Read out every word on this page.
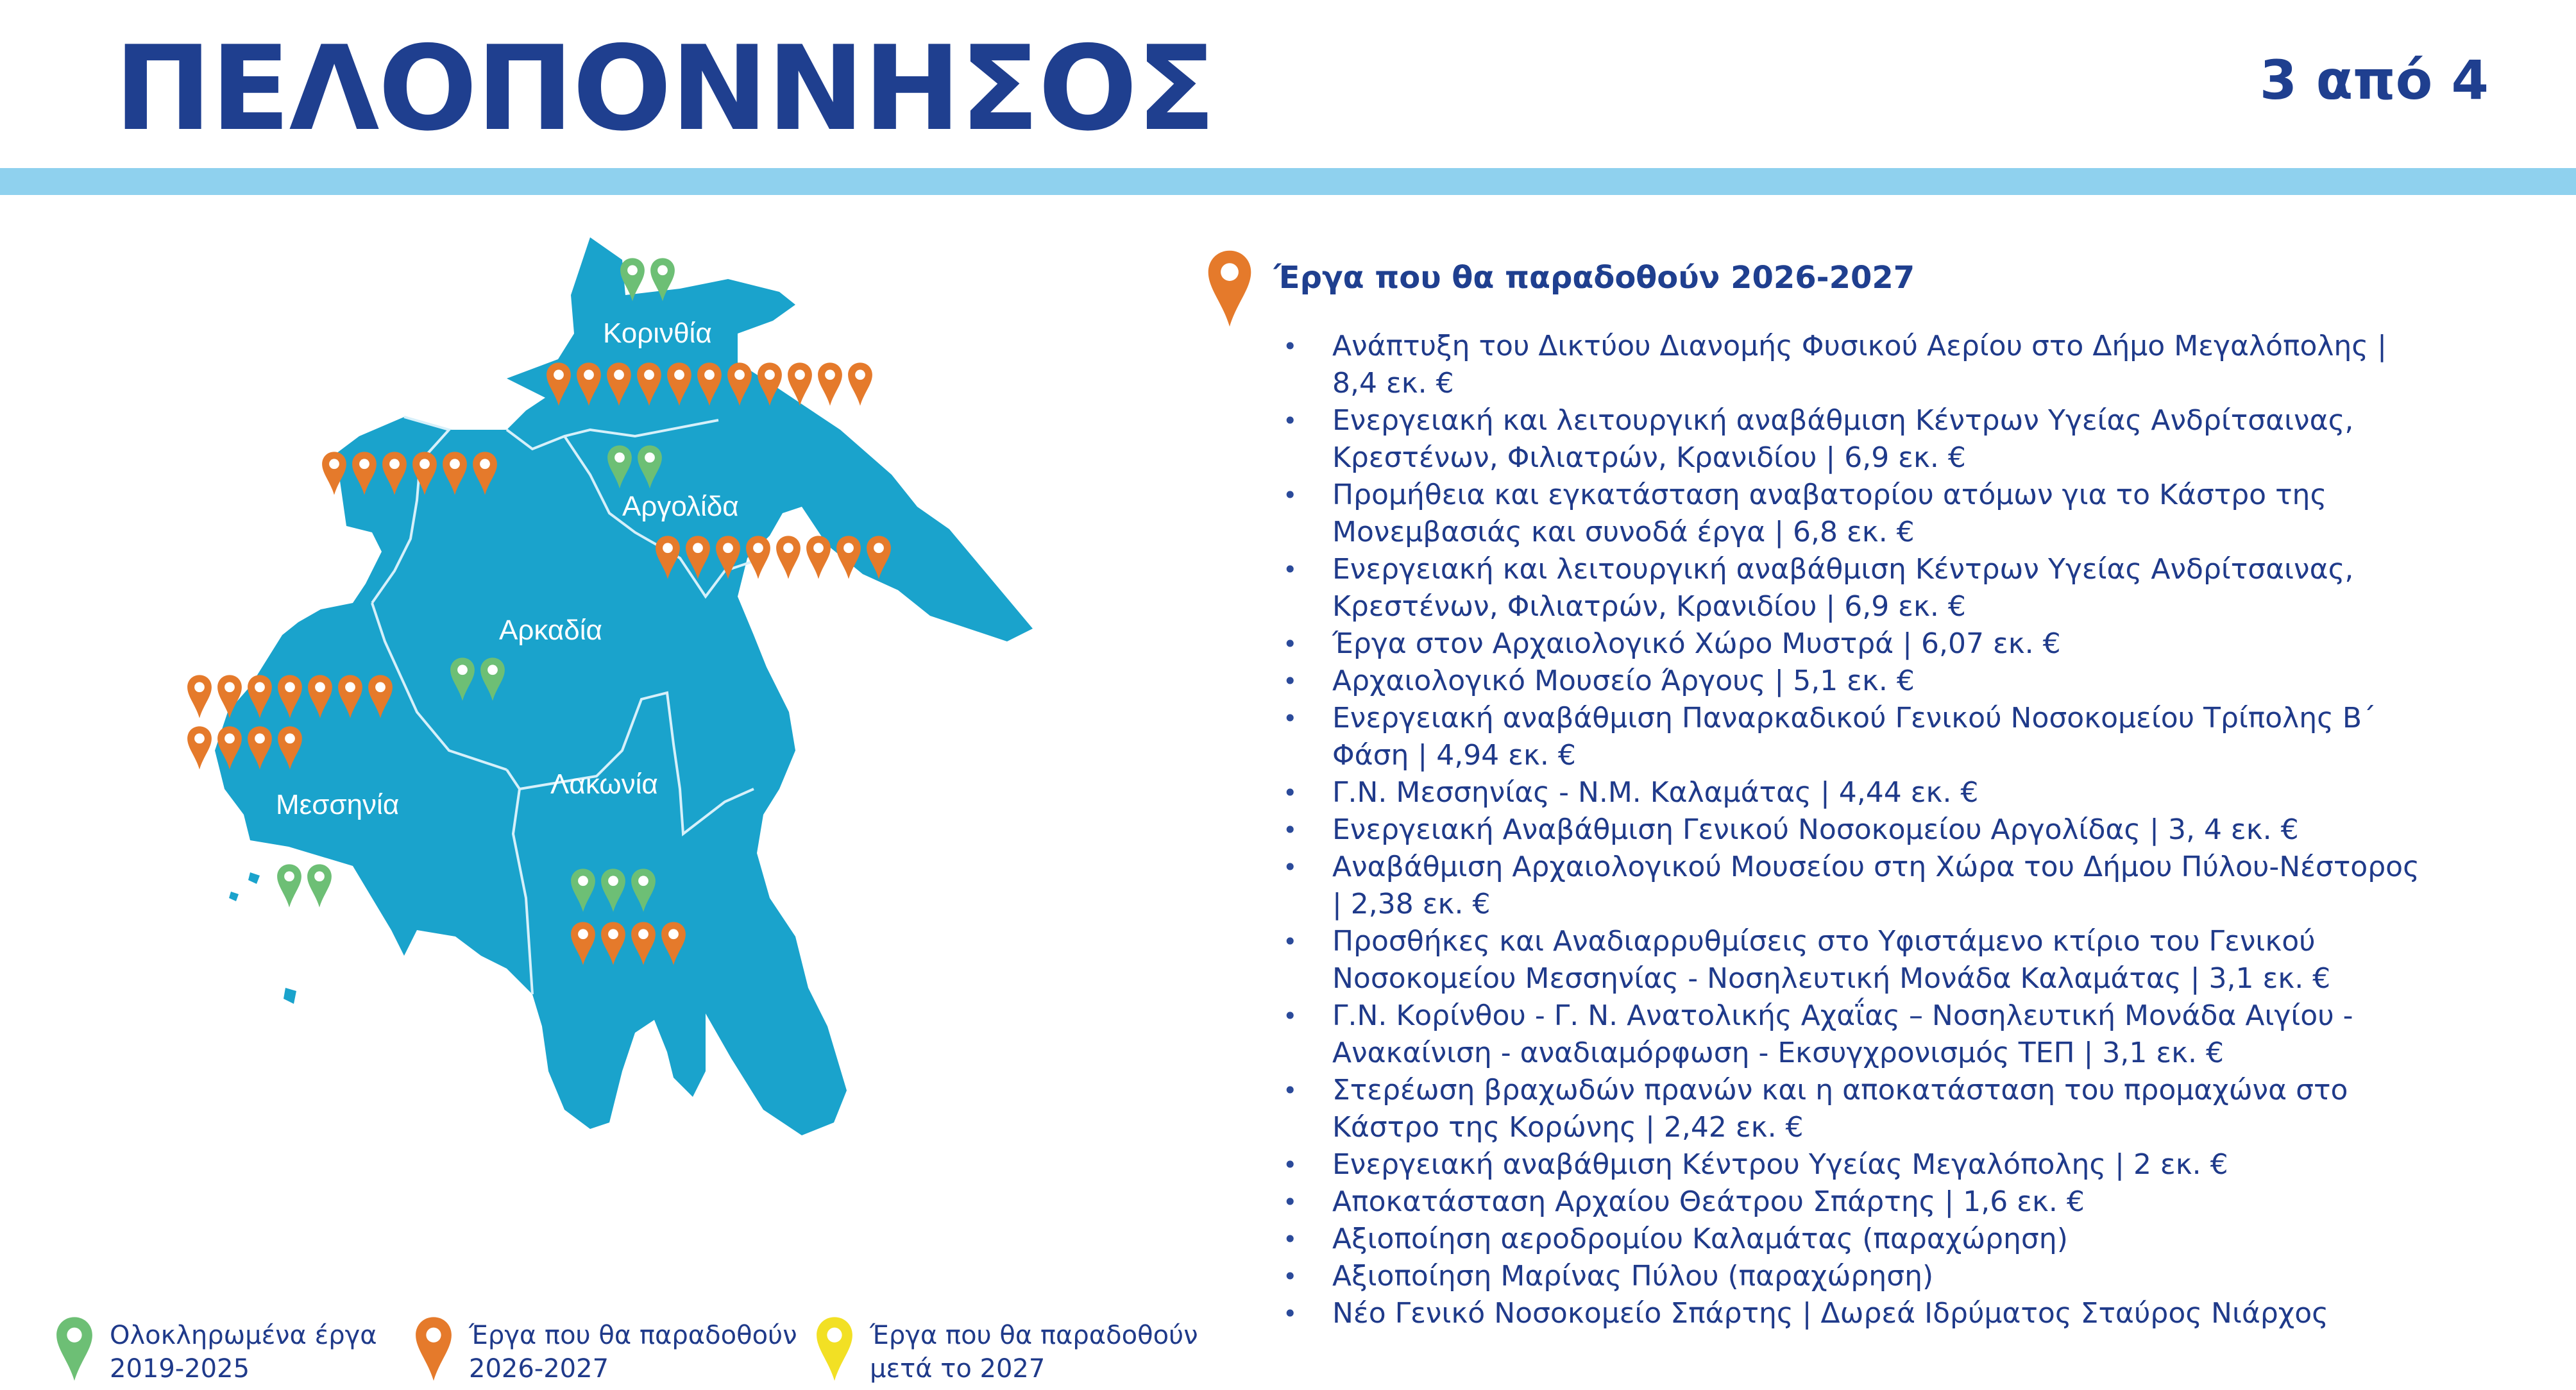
ΠΕΛΟΠΟΝΝΗΣΟΣ	3 από 4
Κορινθία
Αργολίδα
Αρκαδία
Μεσσηνία
Λακωνία
Έργα που θα παραδοθούν 2026-2027
• Ανάπτυξη του Δικτύου Διανομής Φυσικού Αερίου στο Δήμο Μεγαλόπολης | 8,4 εκ. €
• Ενεργειακή και λειτουργική αναβάθμιση Κέντρων Υγείας Ανδρίτσαινας, Κρεστένων, Φιλιατρών, Κρανιδίου | 6,9 εκ. €
• Προμήθεια και εγκατάσταση αναβατορίου ατόμων για το Κάστρο της Μονεμβασιάς και συνοδά έργα | 6,8 εκ. €
• Ενεργειακή και λειτουργική αναβάθμιση Κέντρων Υγείας Ανδρίτσαινας, Κρεστένων, Φιλιατρών, Κρανιδίου | 6,9 εκ. €
• Έργα στον Αρχαιολογικό Χώρο Μυστρά | 6,07 εκ. €
• Αρχαιολογικό Μουσείο Άργους | 5,1 εκ. €
• Ενεργειακή αναβάθμιση Παναρκαδικού Γενικού Νοσοκομείου Τρίπολης Β΄ Φάση | 4,94 εκ. €
• Γ.Ν. Μεσσηνίας - Ν.Μ. Καλαμάτας | 4,44 εκ. €
• Ενεργειακή Αναβάθμιση Γενικού Νοσοκομείου Αργολίδας | 3, 4 εκ. €
• Αναβάθμιση Αρχαιολογικού Μουσείου στη Χώρα του Δήμου Πύλου-Νέστορος | 2,38 εκ. €
• Προσθήκες και Αναδιαρρυθμίσεις στο Υφιστάμενο κτίριο του Γενικού Νοσοκομείου Μεσσηνίας - Νοσηλευτική Μονάδα Καλαμάτας | 3,1 εκ. €
• Γ.Ν. Κορίνθου - Γ. Ν. Ανατολικής Αχαΐας – Νοσηλευτική Μονάδα Αιγίου - Ανακαίνιση - αναδιαμόρφωση - Εκσυγχρονισμός ΤΕΠ | 3,1 εκ. €
• Στερέωση βραχωδών πρανών και η αποκατάσταση του προμαχώνα στο Κάστρο της Κορώνης | 2,42 εκ. €
• Ενεργειακή αναβάθμιση Κέντρου Υγείας Μεγαλόπολης | 2 εκ. €
• Αποκατάσταση Αρχαίου Θεάτρου Σπάρτης | 1,6 εκ. €
• Αξιοποίηση αεροδρομίου Καλαμάτας (παραχώρηση)
• Αξιοποίηση Μαρίνας Πύλου (παραχώρηση)
• Νέο Γενικό Νοσοκομείο Σπάρτης | Δωρεά Ιδρύματος Σταύρος Νιάρχος
Ολοκληρωμένα έργα
2019-2025
Έργα που θα παραδοθούν
2026-2027
Έργα που θα παραδοθούν
μετά το 2027
